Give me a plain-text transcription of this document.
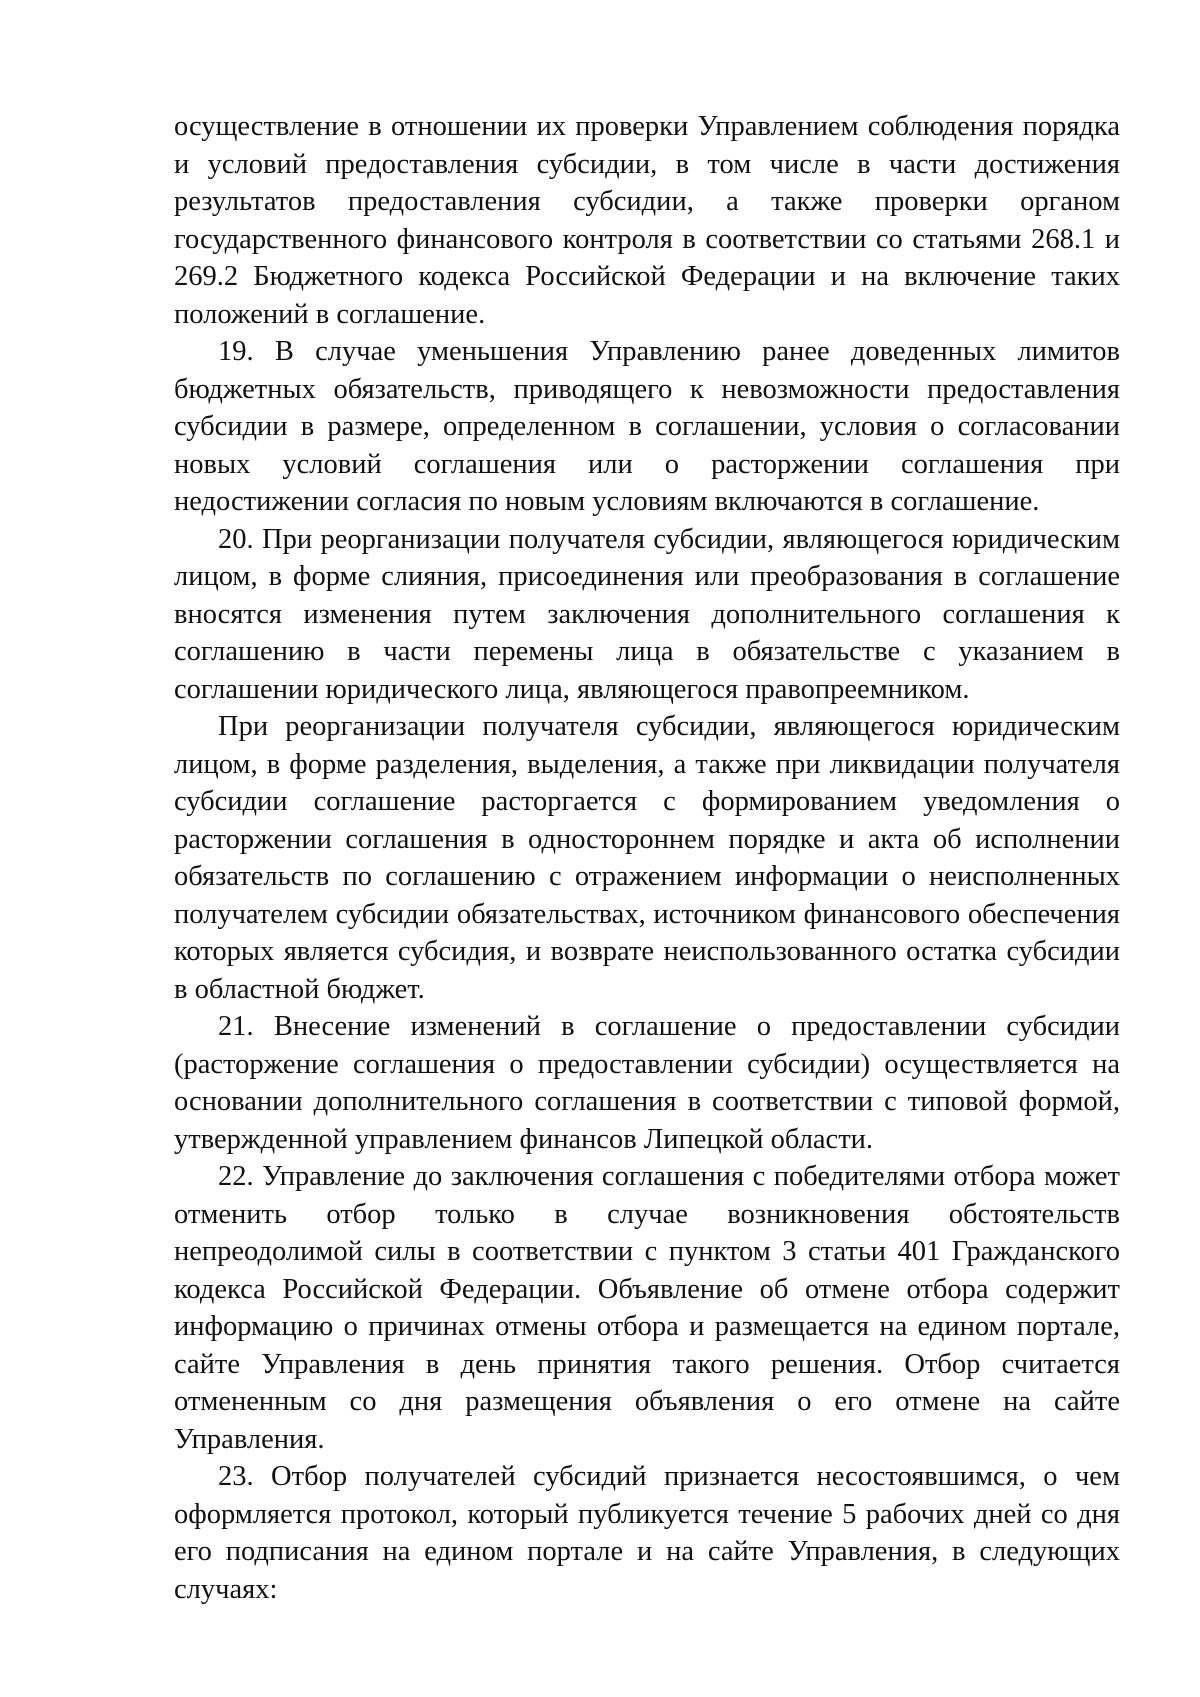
осуществление в отношении их проверки Управлением соблюдения порядка и условий предоставления субсидии, в том числе в части достижения результатов предоставления субсидии, а также проверки органом государственного финансового контроля в соответствии со статьями 268.1 и 269.2 Бюджетного кодекса Российской Федерации и на включение таких положений в соглашение.

19. В случае уменьшения Управлению ранее доведенных лимитов бюджетных обязательств, приводящего к невозможности предоставления субсидии в размере, определенном в соглашении, условия о согласовании новых условий соглашения или о расторжении соглашения при недостижении согласия по новым условиям включаются в соглашение.

20. При реорганизации получателя субсидии, являющегося юридическим лицом, в форме слияния, присоединения или преобразования в соглашение вносятся изменения путем заключения дополнительного соглашения к соглашению в части перемены лица в обязательстве с указанием в соглашении юридического лица, являющегося правопреемником.

При реорганизации получателя субсидии, являющегося юридическим лицом, в форме разделения, выделения, а также при ликвидации получателя субсидии соглашение расторгается с формированием уведомления о расторжении соглашения в одностороннем порядке и акта об исполнении обязательств по соглашению с отражением информации о неисполненных получателем субсидии обязательствах, источником финансового обеспечения которых является субсидия, и возврате неиспользованного остатка субсидии в областной бюджет.

21. Внесение изменений в соглашение о предоставлении субсидии (расторжение соглашения о предоставлении субсидии) осуществляется на основании дополнительного соглашения в соответствии с типовой формой, утвержденной управлением финансов Липецкой области.

22. Управление до заключения соглашения с победителями отбора может отменить отбор только в случае возникновения обстоятельств непреодолимой силы в соответствии с пунктом 3 статьи 401 Гражданского кодекса Российской Федерации. Объявление об отмене отбора содержит информацию о причинах отмены отбора и размещается на едином портале, сайте Управления в день принятия такого решения. Отбор считается отмененным со дня размещения объявления о его отмене на сайте Управления.

23. Отбор получателей субсидий признается несостоявшимся, о чем оформляется протокол, который публикуется течение 5 рабочих дней со дня его подписания на едином портале и на сайте Управления, в следующих случаях:
